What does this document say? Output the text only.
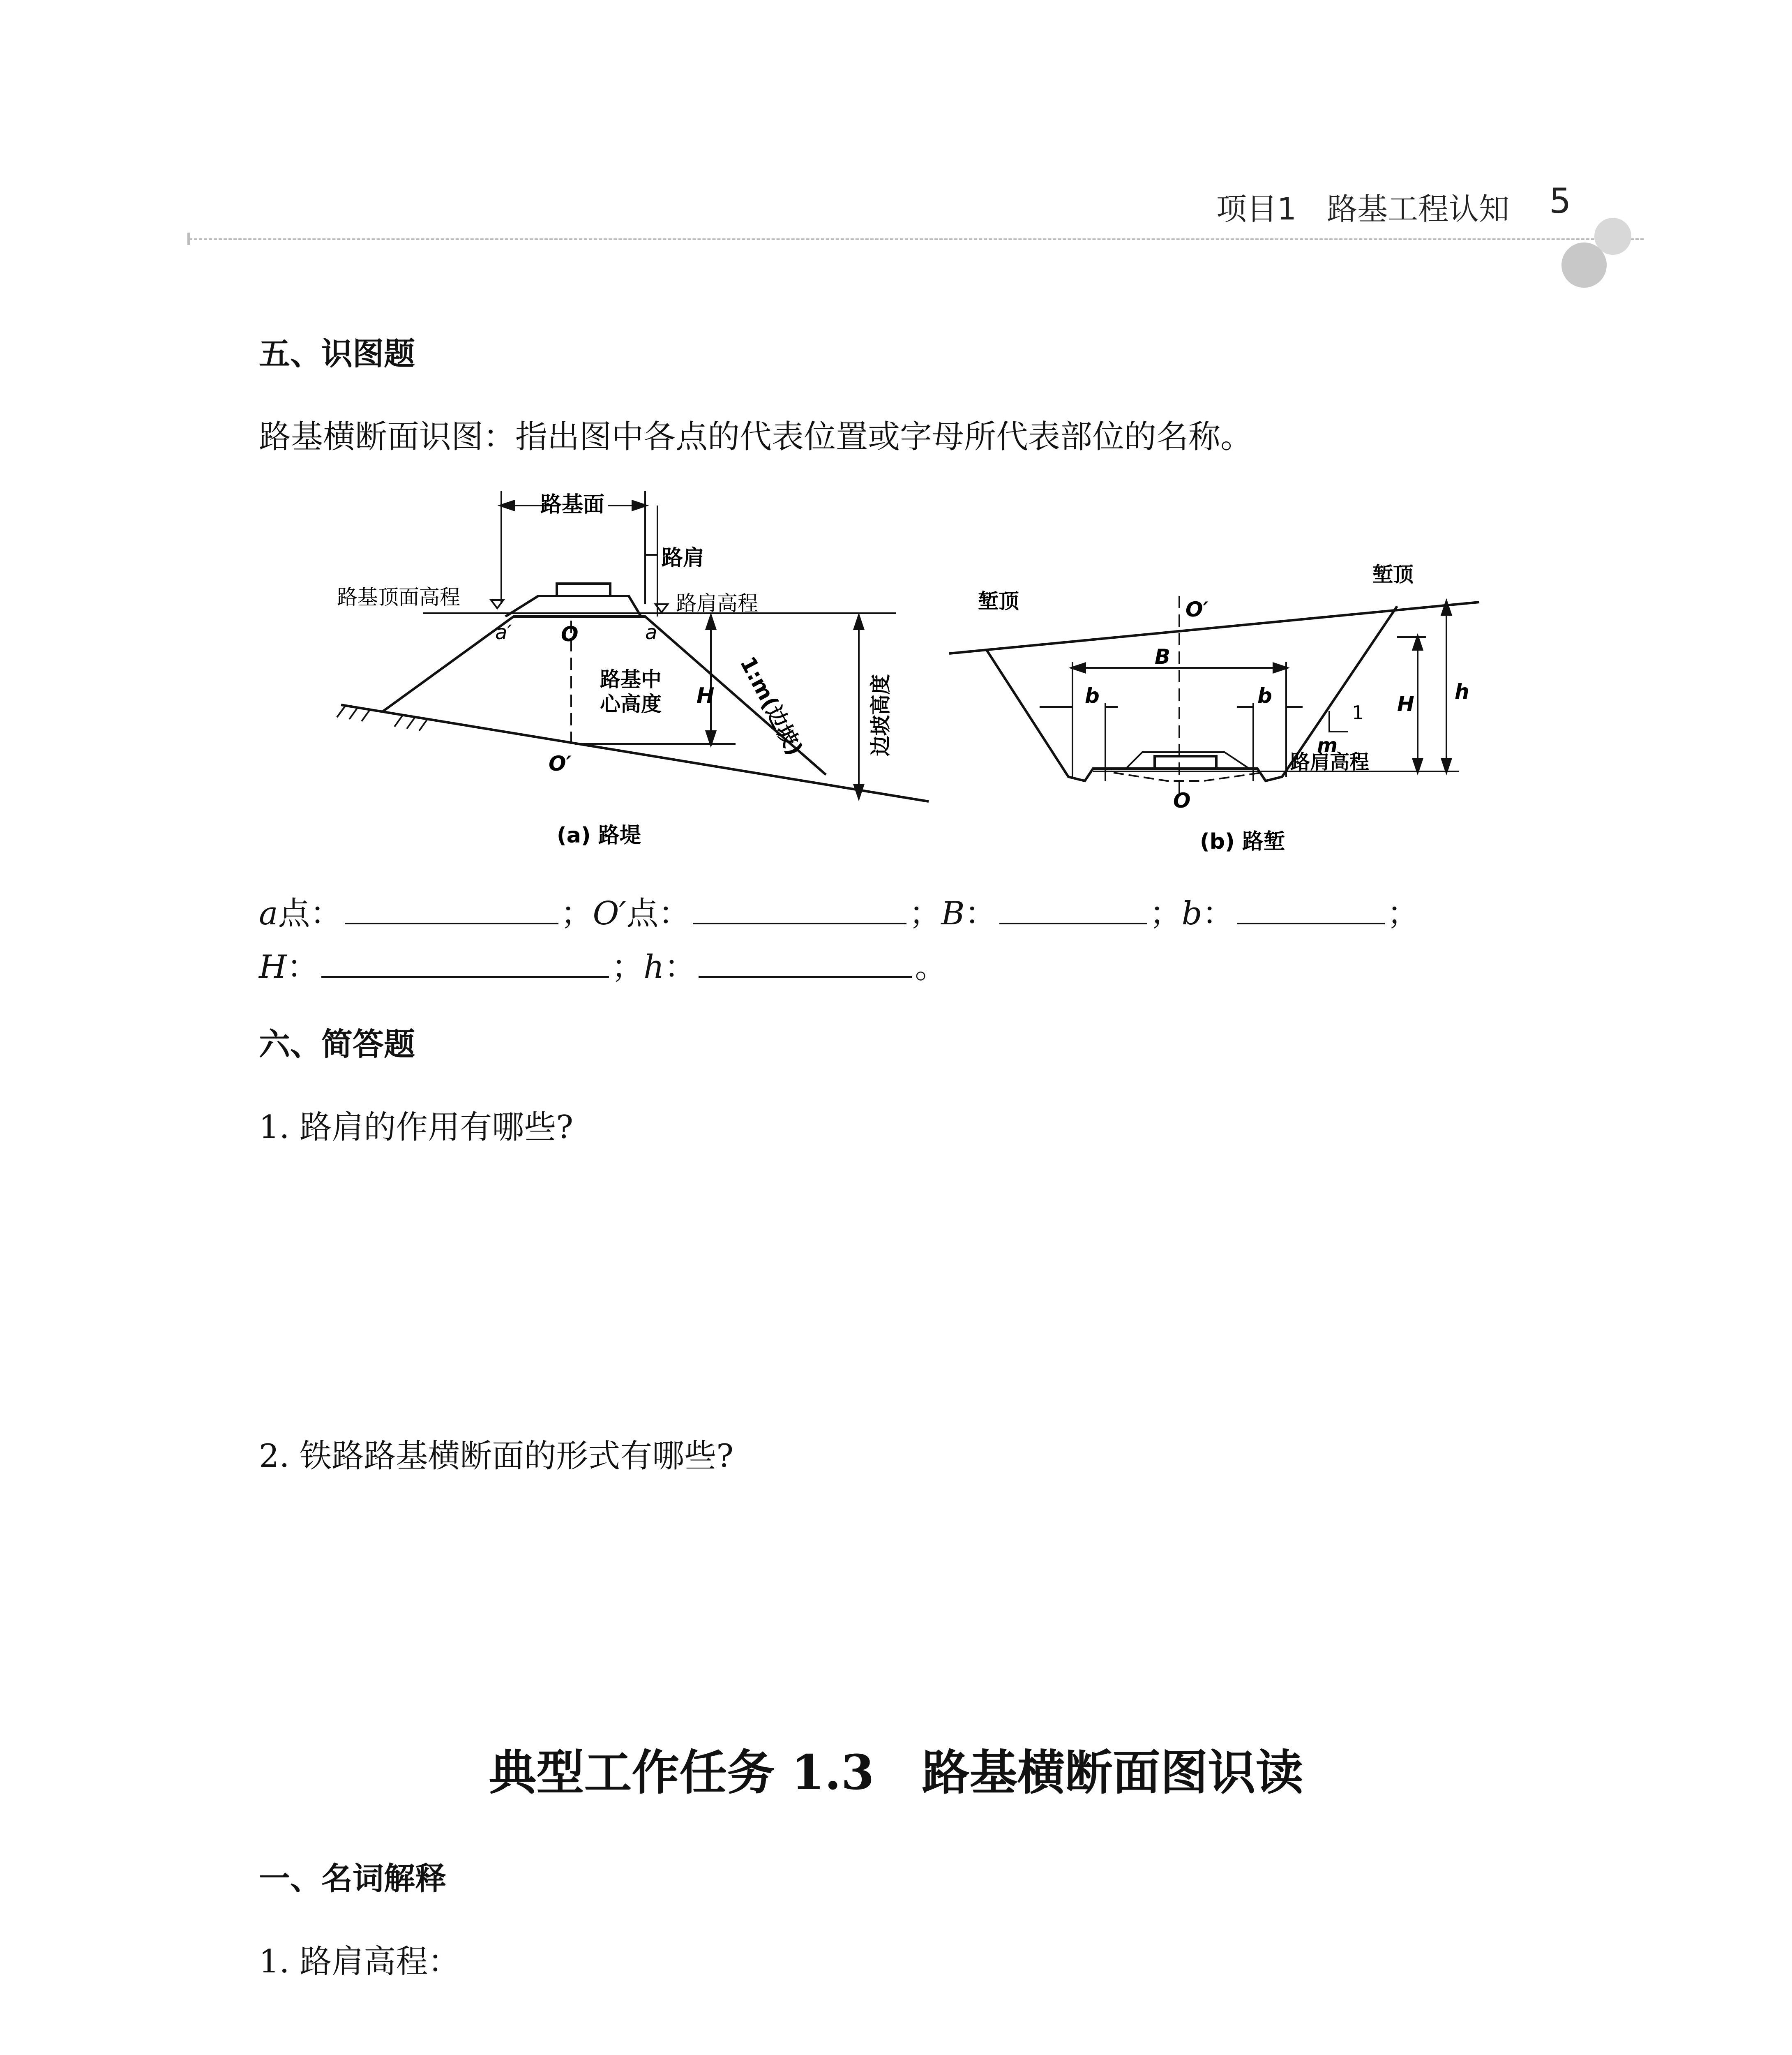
项目1　路基工程认知 5
五、识图题
路基横断面识图：指出图中各点的代表位置或字母所代表部位的名称。
路基面
路肩
路基顶面高程	路肩高程
a′ O	a
路基中
心高度 H 1:m(边坡)	边坡高度
O′
(a) 路堤
堑顶
堑顶
O′
B
b	b
1
m
H
h
路肩高程
O
(b) 路堑
a点：	；O′点：	；B：	；b：	；
H：	；h：	。
六、简答题
1. 路肩的作用有哪些?
2. 铁路路基横断面的形式有哪些?
典型工作任务 1.3　路基横断面图识读
一、名词解释
1. 路肩高程：
